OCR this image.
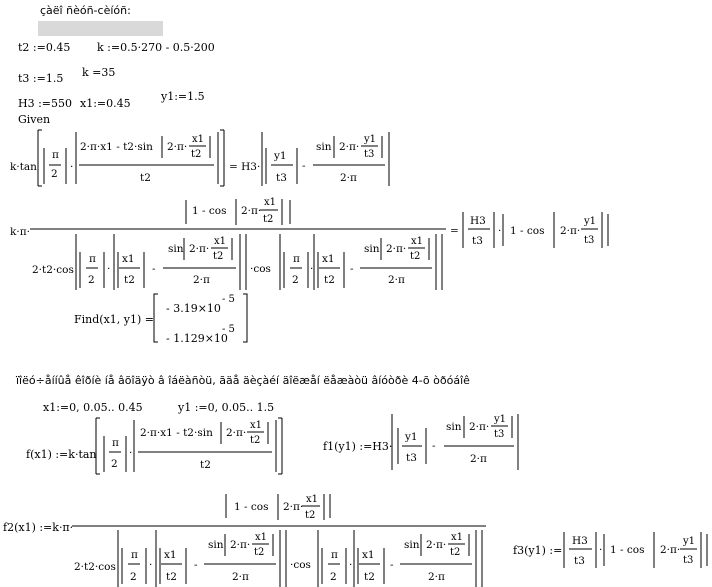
çàëî ñèóñ-cèíóñ:
t2 :=0.45 k :=0.5·270 - 0.5·200
t3 :=1.5 k =35
H3 :=550 x1:=0.45
y1:=1.5
Given
Find(x1, y1) =
- 3.19×10
- 5
- 1.129×10
- 5
ïîëó÷åííûå êîðíè íå âõîäÿò â îáëàñòü, ãäå äèçàéí äîëæåí ëåæàòü âíóòðè 4-õ òðóáîê
x1:=0, 0.05.. 0.45	y1 :=0, 0.05.. 1.5
f(x1) :=k·tan
f1(y1) :=H3·
f2(x1) :=k·π·
f3(y1) :=
k·tan
π
2
·
2·π·x1 - t2·sin 2·π·
x1
t2
t2
= H3·
y1
t3
-
sin 2·π·
y1
t3
2·π
k·π·
1 - cos 2·π·
x1
t2
2·t2·cos
π
2
·
x1
t2
-
sin 2·π·
x1
t2
2·π
·cos
π
2
·
x1
t2
-
sin 2·π·
x1
t2
2·π
=
H3
t3
· 1 - cos 2·π·
y1
t3
π
2
·
2·π·x1 - t2·sin 2·π·
x1
t2
t2
y1
t3
-
sin 2·π·
y1
t3
2·π
1 - cos 2·π·
x1
t2
2·t2·cos
π
2
·
x1
t2
-
sin 2·π·
x1
t2
2·π
·cos
π
2
·
x1
t2
-
sin 2·π·
x1
t2
2·π
H3
t3
· 1 - cos 2·π·
y1
t3
